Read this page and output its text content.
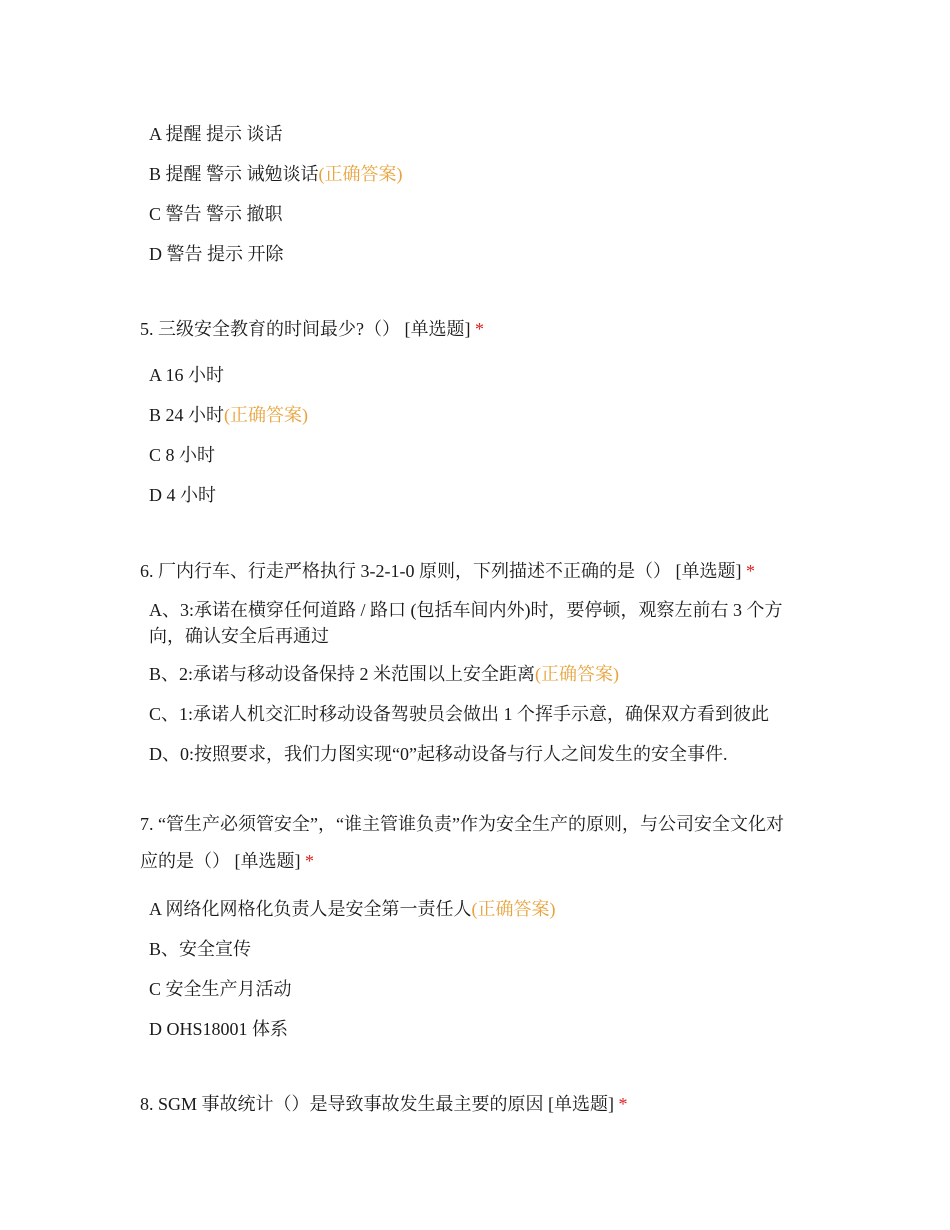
A 提醒 提示 谈话
B 提醒 警示 诫勉谈话(正确答案)
C 警告 警示 撤职
D 警告 提示 开除
5. 三级安全教育的时间最少?（） [单选题] *
A 16 小时
B 24 小时(正确答案)
C 8 小时
D 4 小时
6. 厂内行车、行走严格执行 3-2-1-0 原则，下列描述不正确的是（） [单选题] *
A、3:承诺在横穿任何道路 / 路口 (包括车间内外)时，要停顿，观察左前右 3 个方向，确认安全后再通过
B、2:承诺与移动设备保持 2 米范围以上安全距离(正确答案)
C、1:承诺人机交汇时移动设备驾驶员会做出 1 个挥手示意，确保双方看到彼此
D、0:按照要求，我们力图实现“0”起移动设备与行人之间发生的安全事件.
7. “管生产必须管安全”，“谁主管谁负责”作为安全生产的原则，与公司安全文化对
应的是（） [单选题] *
A 网络化网格化负责人是安全第一责任人(正确答案)
B、安全宣传
C 安全生产月活动
D OHS18001 体系
8. SGM 事故统计（）是导致事故发生最主要的原因 [单选题] *
